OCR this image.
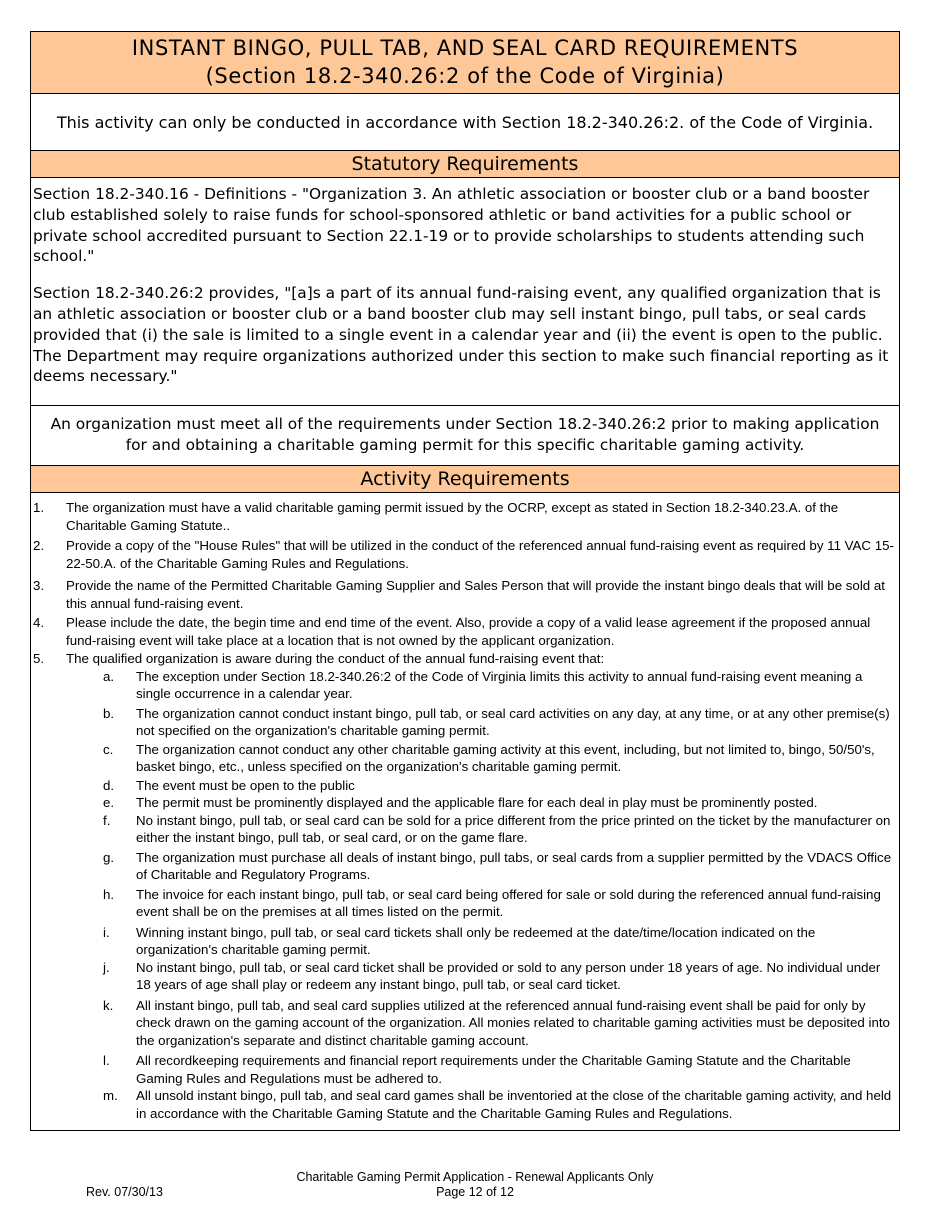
INSTANT BINGO, PULL TAB, AND SEAL CARD REQUIREMENTS
(Section 18.2-340.26:2 of the Code of Virginia)
This activity can only be conducted in accordance with Section 18.2-340.26:2. of the Code of Virginia.
Statutory Requirements

Section 18.2-340.16 - Definitions - "Organization 3. An athletic association or booster club or a band booster club established solely to raise funds for school-sponsored athletic or band activities for a public school or private school accredited pursuant to Section 22.1-19 or to provide scholarships to students attending such school."

Section 18.2-340.26:2 provides, "[a]s a part of its annual fund-raising event, any qualified organization that is an athletic association or booster club or a band booster club may sell instant bingo, pull tabs, or seal cards provided that (i) the sale is limited to a single event in a calendar year and (ii) the event is open to the public. The Department may require organizations authorized under this section to make such financial reporting as it deems necessary."

An organization must meet all of the requirements under Section 18.2-340.26:2 prior to making application for and obtaining a charitable gaming permit for this specific charitable gaming activity.
Activity Requirements
1.	The organization must have a valid charitable gaming permit issued by the OCRP, except as stated in Section 18.2-340.23.A. of the Charitable Gaming Statute..
2.	Provide a copy of the "House Rules" that will be utilized in the conduct of the referenced annual fund-raising event as required by 11 VAC 15-22-50.A. of the Charitable Gaming Rules and Regulations.
3.	Provide the name of the Permitted Charitable Gaming Supplier and Sales Person that will provide the instant bingo deals that will be sold at this annual fund-raising event.
4.	Please include the date, the begin time and end time of the event. Also, provide a copy of a valid lease agreement if the proposed annual fund-raising event will take place at a location that is not owned by the applicant organization.
5.	The qualified organization is aware during the conduct of the annual fund-raising event that:
a.	The exception under Section 18.2-340.26:2 of the Code of Virginia limits this activity to annual fund-raising event meaning a single occurrence in a calendar year.
b.	The organization cannot conduct instant bingo, pull tab, or seal card activities on any day, at any time, or at any other premise(s) not specified on the organization's charitable gaming permit.
c.	The organization cannot conduct any other charitable gaming activity at this event, including, but not limited to, bingo, 50/50's, basket bingo, etc., unless specified on the organization's charitable gaming permit.
d.	The event must be open to the public
e.	The permit must be prominently displayed and the applicable flare for each deal in play must be prominently posted.
f.	No instant bingo, pull tab, or seal card can be sold for a price different from the price printed on the ticket by the manufacturer on either the instant bingo, pull tab, or seal card, or on the game flare.
g.	The organization must purchase all deals of instant bingo, pull tabs, or seal cards from a supplier permitted by the VDACS Office of Charitable and Regulatory Programs.
h.	The invoice for each instant bingo, pull tab, or seal card being offered for sale or sold during the referenced annual fund-raising event shall be on the premises at all times listed on the permit.
i.	Winning instant bingo, pull tab, or seal card tickets shall only be redeemed at the date/time/location indicated on the organization's charitable gaming permit.
j.	No instant bingo, pull tab, or seal card ticket shall be provided or sold to any person under 18 years of age. No individual under 18 years of age shall play or redeem any instant bingo, pull tab, or seal card ticket.
k.	All instant bingo, pull tab, and seal card supplies utilized at the referenced annual fund-raising event shall be paid for only by check drawn on the gaming account of the organization. All monies related to charitable gaming activities must be deposited into the organization's separate and distinct charitable gaming account.
l.	All recordkeeping requirements and financial report requirements under the Charitable Gaming Statute and the Charitable Gaming Rules and Regulations must be adhered to.
m.	All unsold instant bingo, pull tab, and seal card games shall be inventoried at the close of the charitable gaming activity, and held in accordance with the Charitable Gaming Statute and the Charitable Gaming Rules and Regulations.
Charitable Gaming Permit Application - Renewal Applicants Only
Page 12 of 12
Rev. 07/30/13
